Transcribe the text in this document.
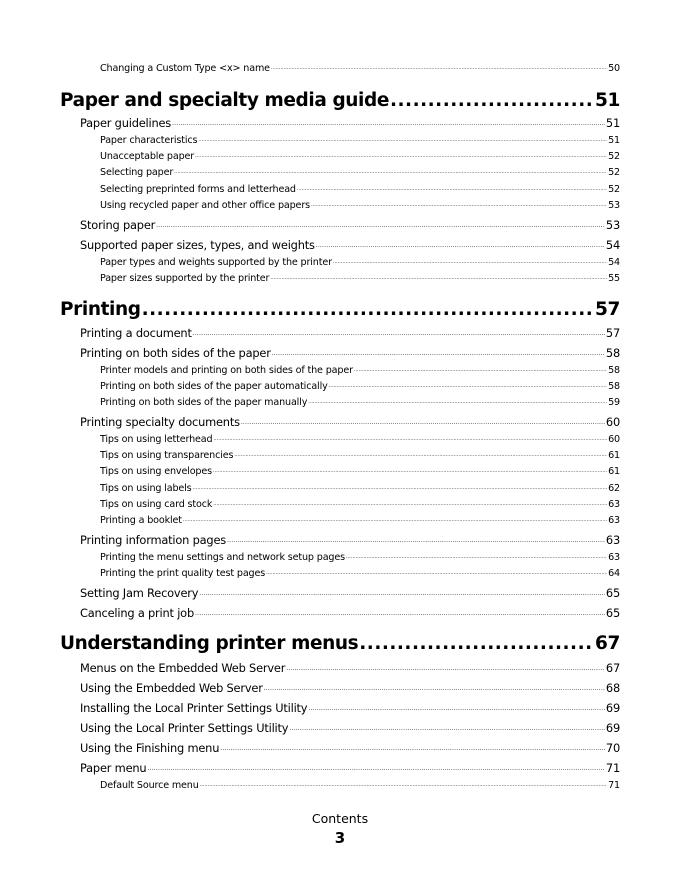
Changing a Custom Type <x> name .....	50
Paper and specialty media guide .....	51
Paper guidelines .....	51
Paper characteristics .....	51
Unacceptable paper .....	52
Selecting paper .....	52
Selecting preprinted forms and letterhead .....	52
Using recycled paper and other office papers .....	53
Storing paper .....	53
Supported paper sizes, types, and weights .....	54
Paper types and weights supported by the printer .....	54
Paper sizes supported by the printer .....	55
Printing .....	57
Printing a document .....	57
Printing on both sides of the paper .....	58
Printer models and printing on both sides of the paper .....	58
Printing on both sides of the paper automatically .....	58
Printing on both sides of the paper manually .....	59
Printing specialty documents .....	60
Tips on using letterhead .....	60
Tips on using transparencies .....	61
Tips on using envelopes .....	61
Tips on using labels .....	62
Tips on using card stock .....	63
Printing a booklet .....	63
Printing information pages .....	63
Printing the menu settings and network setup pages .....	63
Printing the print quality test pages .....	64
Setting Jam Recovery .....	65
Canceling a print job .....	65
Understanding printer menus .....	67
Menus on the Embedded Web Server .....	67
Using the Embedded Web Server .....	68
Installing the Local Printer Settings Utility .....	69
Using the Local Printer Settings Utility .....	69
Using the Finishing menu .....	70
Paper menu .....	71
Default Source menu .....	71
Contents
3
